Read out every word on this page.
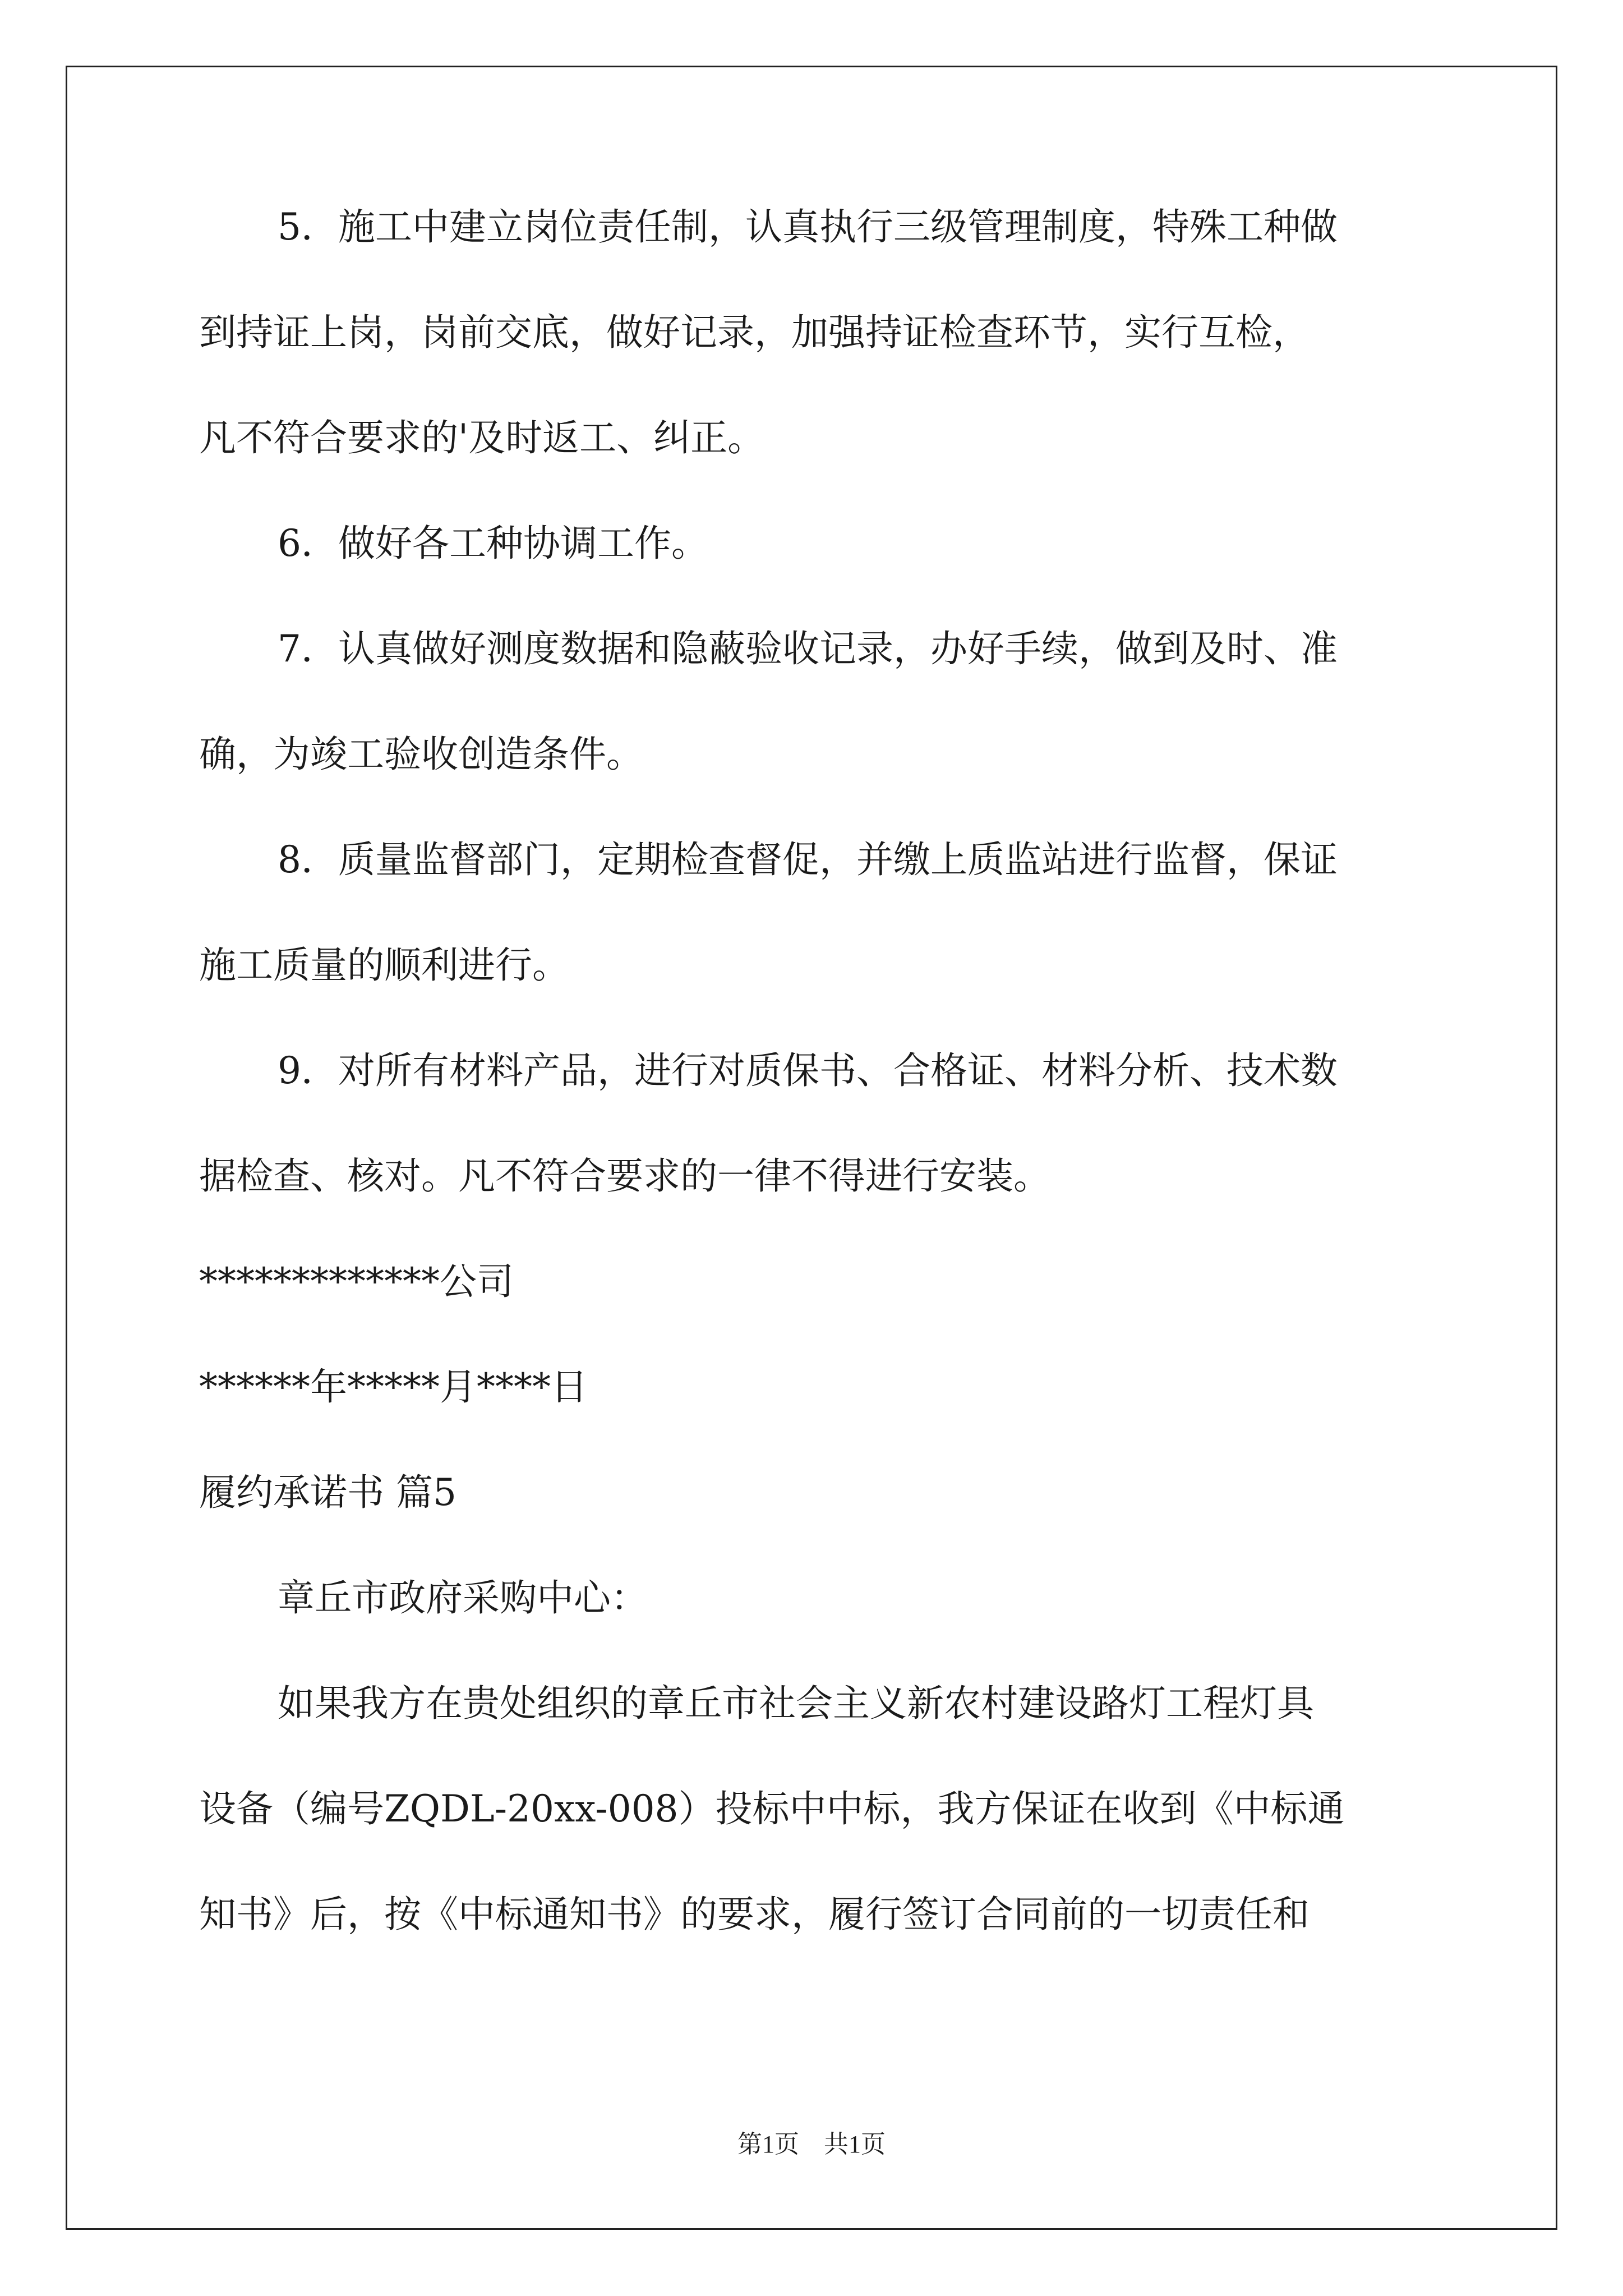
5．施工中建立岗位责任制，认真执行三级管理制度，特殊工种做
到持证上岗，岗前交底，做好记录，加强持证检查环节，实行互检，
凡不符合要求的'及时返工、纠正。
6．做好各工种协调工作。
7．认真做好测度数据和隐蔽验收记录，办好手续，做到及时、准
确，为竣工验收创造条件。
8．质量监督部门，定期检查督促，并缴上质监站进行监督，保证
施工质量的顺利进行。
9．对所有材料产品，进行对质保书、合格证、材料分析、技术数
据检查、核对。凡不符合要求的一律不得进行安装。
*************公司
******年*****月****日
履约承诺书 篇5
章丘市政府采购中心：
如果我方在贵处组织的章丘市社会主义新农村建设路灯工程灯具
设备（编号ZQDL-20xx-008）投标中中标，我方保证在收到《中标通
知书》后，按《中标通知书》的要求，履行签订合同前的一切责任和
第1页　共1页
